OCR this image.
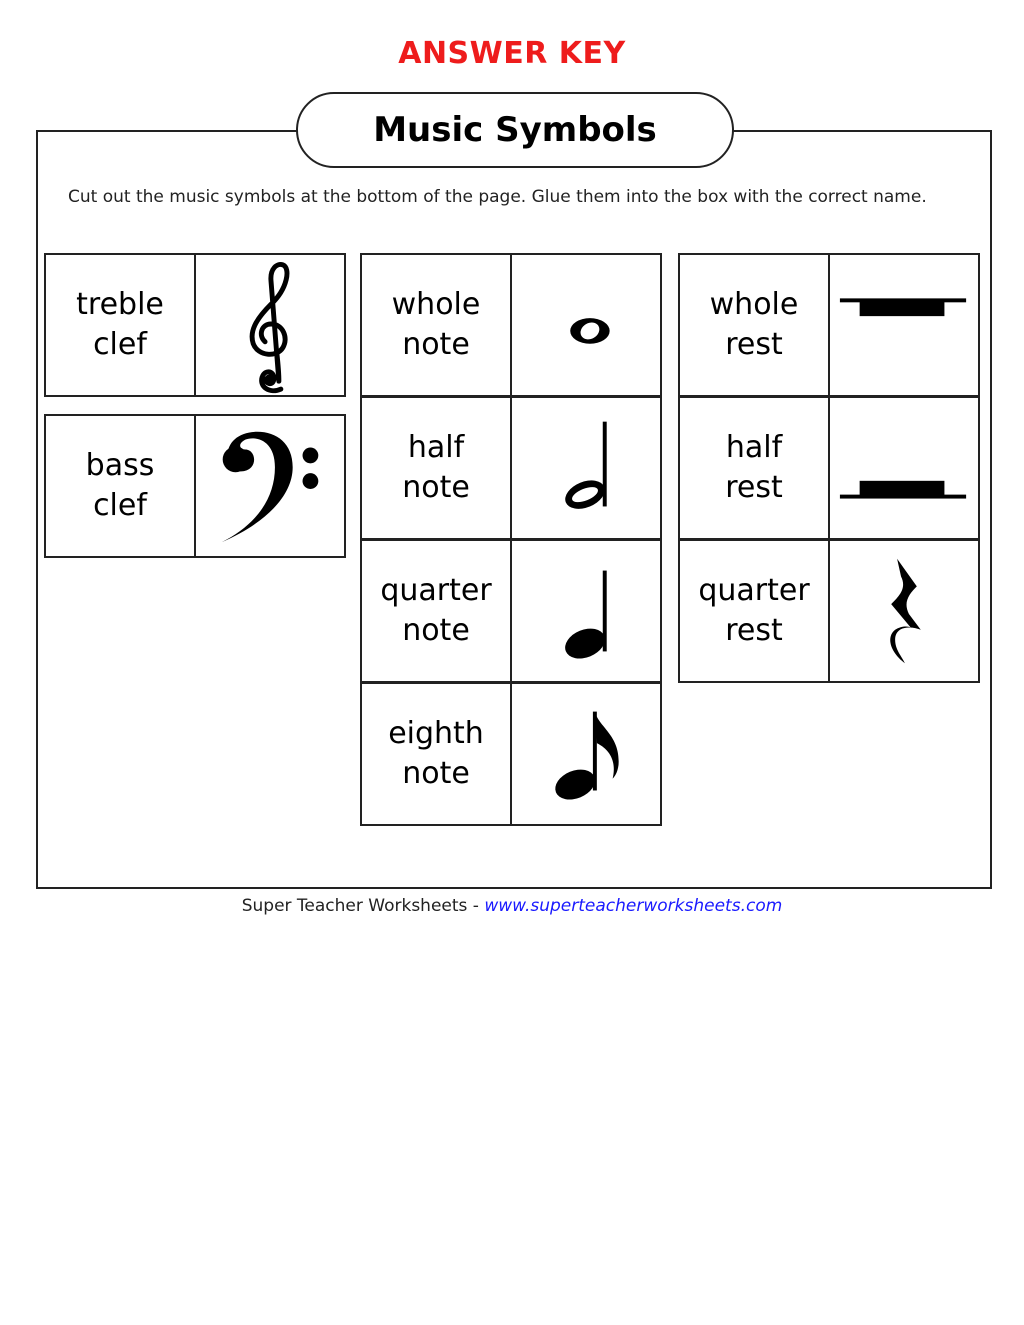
ANSWER KEY
Music Symbols
Cut out the music symbols at the bottom of the page. Glue them into the box with the correct name.
treble
clef
bass
clef
whole
note
half
note
quarter
note
eighth
note
whole
rest
half
rest
quarter
rest
Super Teacher Worksheets - www.superteacherworksheets.com
